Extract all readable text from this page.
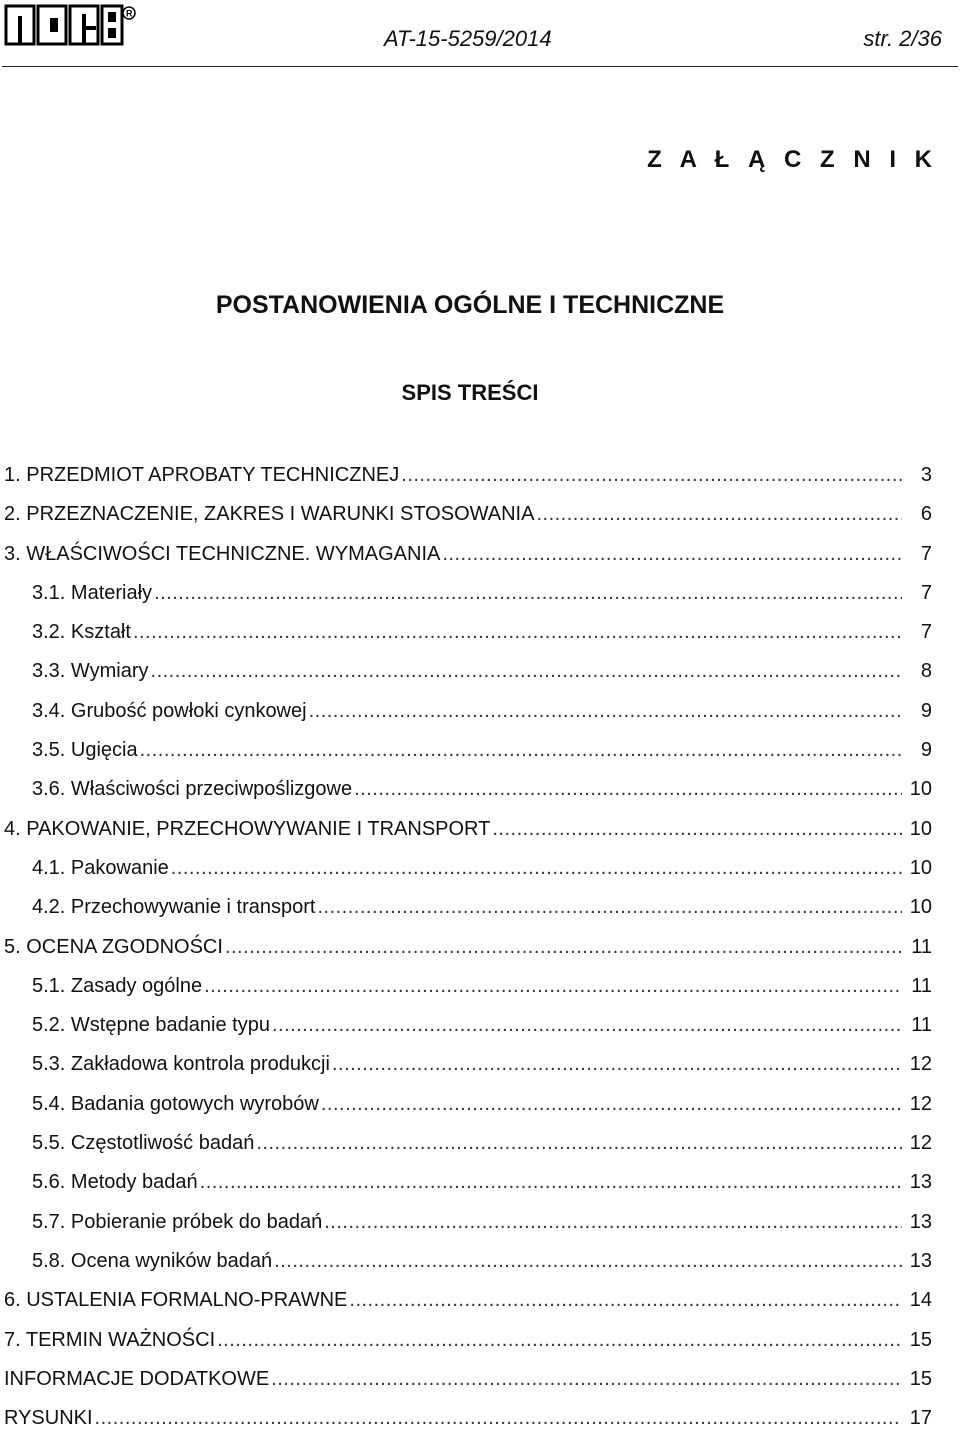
R
AT-15-5259/2014	str. 2/36
Z A Ł Ą C Z N I K
POSTANOWIENIA OGÓLNE I TECHNICZNE
SPIS TREŚCI
1. PRZEDMIOT APROBATY TECHNICZNEJ .....	3
2. PRZEZNACZENIE, ZAKRES I WARUNKI STOSOWANIA .....	6
3. WŁAŚCIWOŚCI TECHNICZNE. WYMAGANIA .....	7
3.1. Materiały .....	7
3.2. Kształt .....	7
3.3. Wymiary .....	8
3.4. Grubość powłoki cynkowej .....	9
3.5. Ugięcia .....	9
3.6. Właściwości przeciwpoślizgowe .....	10
4. PAKOWANIE, PRZECHOWYWANIE I TRANSPORT .....	10
4.1. Pakowanie .....	10
4.2. Przechowywanie i transport .....	10
5. OCENA ZGODNOŚCI .....	11
5.1. Zasady ogólne .....	11
5.2. Wstępne badanie typu .....	11
5.3. Zakładowa kontrola produkcji .....	12
5.4. Badania gotowych wyrobów .....	12
5.5. Częstotliwość badań .....	12
5.6. Metody badań .....	13
5.7. Pobieranie próbek do badań .....	13
5.8. Ocena wyników badań .....	13
6. USTALENIA FORMALNO-PRAWNE .....	14
7. TERMIN WAŻNOŚCI .....	15
INFORMACJE DODATKOWE .....	15
RYSUNKI .....	17
